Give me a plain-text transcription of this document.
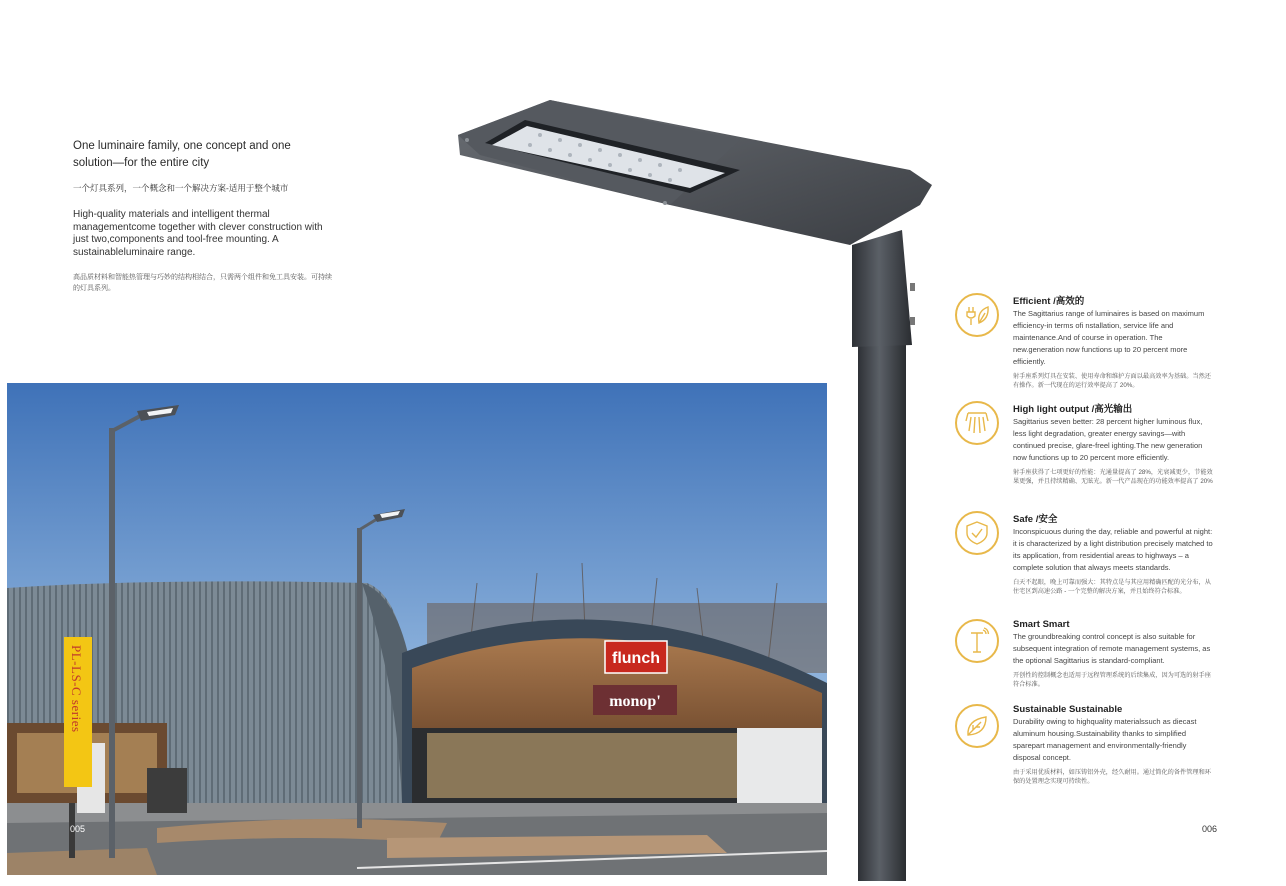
One luminaire family, one concept and one solution—for the entire city
一个灯具系列，一个概念和一个解决方案-适用于整个城市
High-quality materials and intelligent thermal managementcome together with clever construction with just two,components and tool-free mounting. A sustainableluminaire range.
高品质材料和智能热管理与巧妙的结构相结合，只需两个组件和免工具安装。可持续的灯具系列。
flunch
monop'
PL-LS-C series
005	006
Efficient /高效的
The Sagittarius range of luminaires is based on maximum efficiency-in terms ofi nstallation, service life and maintenance.And of course in operation. The new.generation now functions up to 20 percent more efficiently.
射手座系列灯具在安装、使用寿命和维护方面以最高效率为基础。当然还有操作。新一代现在的运行效率提高了 20%。
High light output /高光输出
Sagittarius seven better: 28 percent higher luminous flux, less light degradation, greater energy savings—with continued precise, glare-freel ighting.The new generation now functions up to 20 percent more efficiently.
射手座获得了七项更好的性能：光通量提高了 28%，光衰减更少，节能效果更强，并且持续精确、无眩光。新一代产品现在的功能效率提高了 20%
Safe /安全
Inconspicuous during the day, reliable and powerful at night: it is characterized by a light distribution precisely matched to its application, from residential areas to highways – a complete solution that always meets standards.
白天不起眼，晚上可靠而强大：其特点是与其应用精确匹配的光分布，从住宅区到高速公路 - 一个完整的解决方案，并且始终符合标准。
Smart Smart
The groundbreaking control concept is also suitable for subsequent integration of remote management systems, as the optional Sagittarius is standard-compliant.
开创性的控制概念也适用于远程管理系统的后续集成，因为可选的射手座符合标准。
Sustainable Sustainable
Durability owing to highquality materialssuch as diecast aluminum housing.Sustainability thanks to simplified sparepart management and environmentally-friendly disposal concept.
由于采用优质材料，如压铸铝外壳，经久耐用。通过简化的备件管理和环保的处置理念实现可持续性。
